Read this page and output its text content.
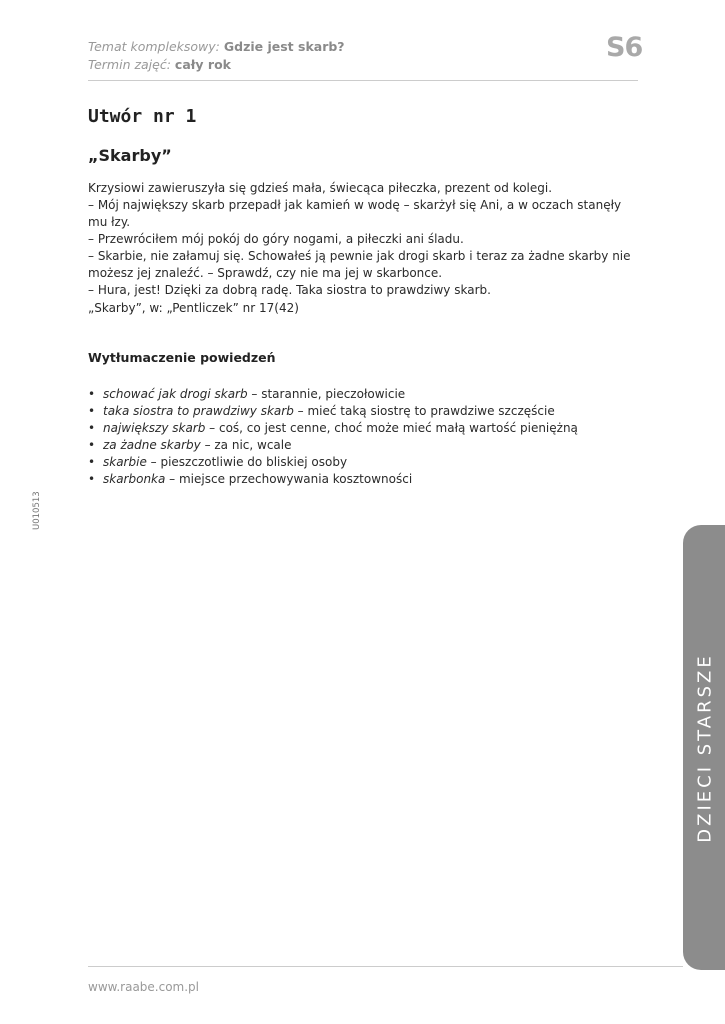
Temat kompleksowy: Gdzie jest skarb?
Termin zajęć: cały rok
S6
Utwór nr 1
„Skarby”

Krzysiowi zawieruszyła się gdzieś mała, świecąca piłeczka, prezent od kolegi.

– Mój największy skarb przepadł jak kamień w wodę – skarżył się Ani, a w oczach stanęły mu łzy.

– Przewróciłem mój pokój do góry nogami, a piłeczki ani śladu.

– Skarbie, nie załamuj się. Schowałeś ją pewnie jak drogi skarb i teraz za żadne skarby nie możesz jej znaleźć. – Sprawdź, czy nie ma jej w skarbonce.

– Hura, jest! Dzięki za dobrą radę. Taka siostra to prawdziwy skarb.

„Skarby”, w: „Pentliczek” nr 17(42)
Wytłumaczenie powiedzeń
• schować jak drogi skarb – starannie, pieczołowicie
• taka siostra to prawdziwy skarb – mieć taką siostrę to prawdziwe szczęście
• największy skarb – coś, co jest cenne, choć może mieć małą wartość pieniężną
• za żadne skarby – za nic, wcale
• skarbie – pieszczotliwie do bliskiej osoby
• skarbonka – miejsce przechowywania kosztowności
U010513
DZIECI STARSZE
www.raabe.com.pl
